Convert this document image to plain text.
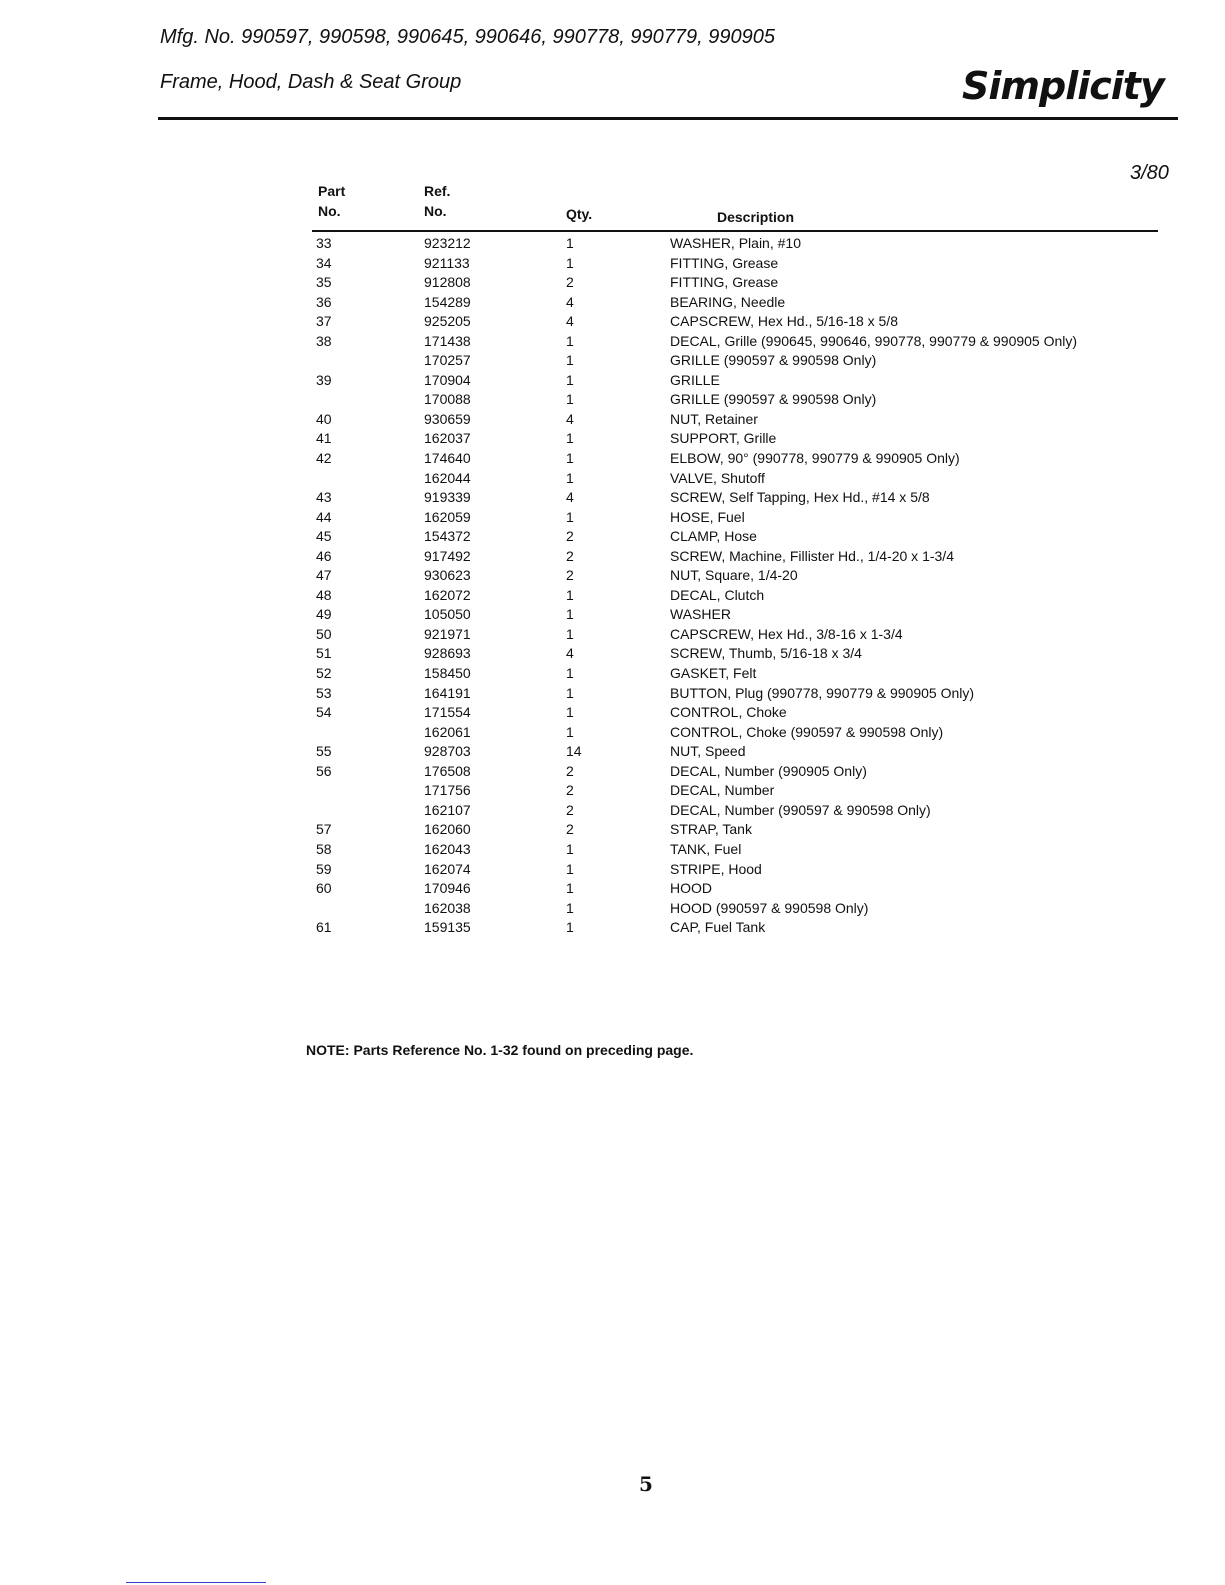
Mfg. No. 990597, 990598, 990645, 990646, 990778, 990779, 990905
Frame, Hood, Dash & Seat Group	Simplicity
3/80
Part
No.
Ref.
No.	Qty.	Description
33	923212	1	WASHER, Plain, #10
34	921133	1	FITTING, Grease
35	912808	2	FITTING, Grease
36	154289	4	BEARING, Needle
37	925205	4	CAPSCREW, Hex Hd., 5/16-18 x 5/8
38	171438	1	DECAL, Grille (990645, 990646, 990778, 990779 & 990905 Only)
170257	1	GRILLE (990597 & 990598 Only)
39	170904	1	GRILLE
170088	1	GRILLE (990597 & 990598 Only)
40	930659	4	NUT, Retainer
41	162037	1	SUPPORT, Grille
42	174640	1	ELBOW, 90° (990778, 990779 & 990905 Only)
162044	1	VALVE, Shutoff
43	919339	4	SCREW, Self Tapping, Hex Hd., #14 x 5/8
44	162059	1	HOSE, Fuel
45	154372	2	CLAMP, Hose
46	917492	2	SCREW, Machine, Fillister Hd., 1/4-20 x 1-3/4
47	930623	2	NUT, Square, 1/4-20
48	162072	1	DECAL, Clutch
49	105050	1	WASHER
50	921971	1	CAPSCREW, Hex Hd., 3/8-16 x 1-3/4
51	928693	4	SCREW, Thumb, 5/16-18 x 3/4
52	158450	1	GASKET, Felt
53	164191	1	BUTTON, Plug (990778, 990779 & 990905 Only)
54	171554	1	CONTROL, Choke
162061	1	CONTROL, Choke (990597 & 990598 Only)
55	928703	14	NUT, Speed
56	176508	2	DECAL, Number (990905 Only)
171756	2	DECAL, Number
162107	2	DECAL, Number (990597 & 990598 Only)
57	162060	2	STRAP, Tank
58	162043	1	TANK, Fuel
59	162074	1	STRIPE, Hood
60	170946	1	HOOD
162038	1	HOOD (990597 & 990598 Only)
61	159135	1	CAP, Fuel Tank
NOTE: Parts Reference No. 1-32 found on preceding page.
5
